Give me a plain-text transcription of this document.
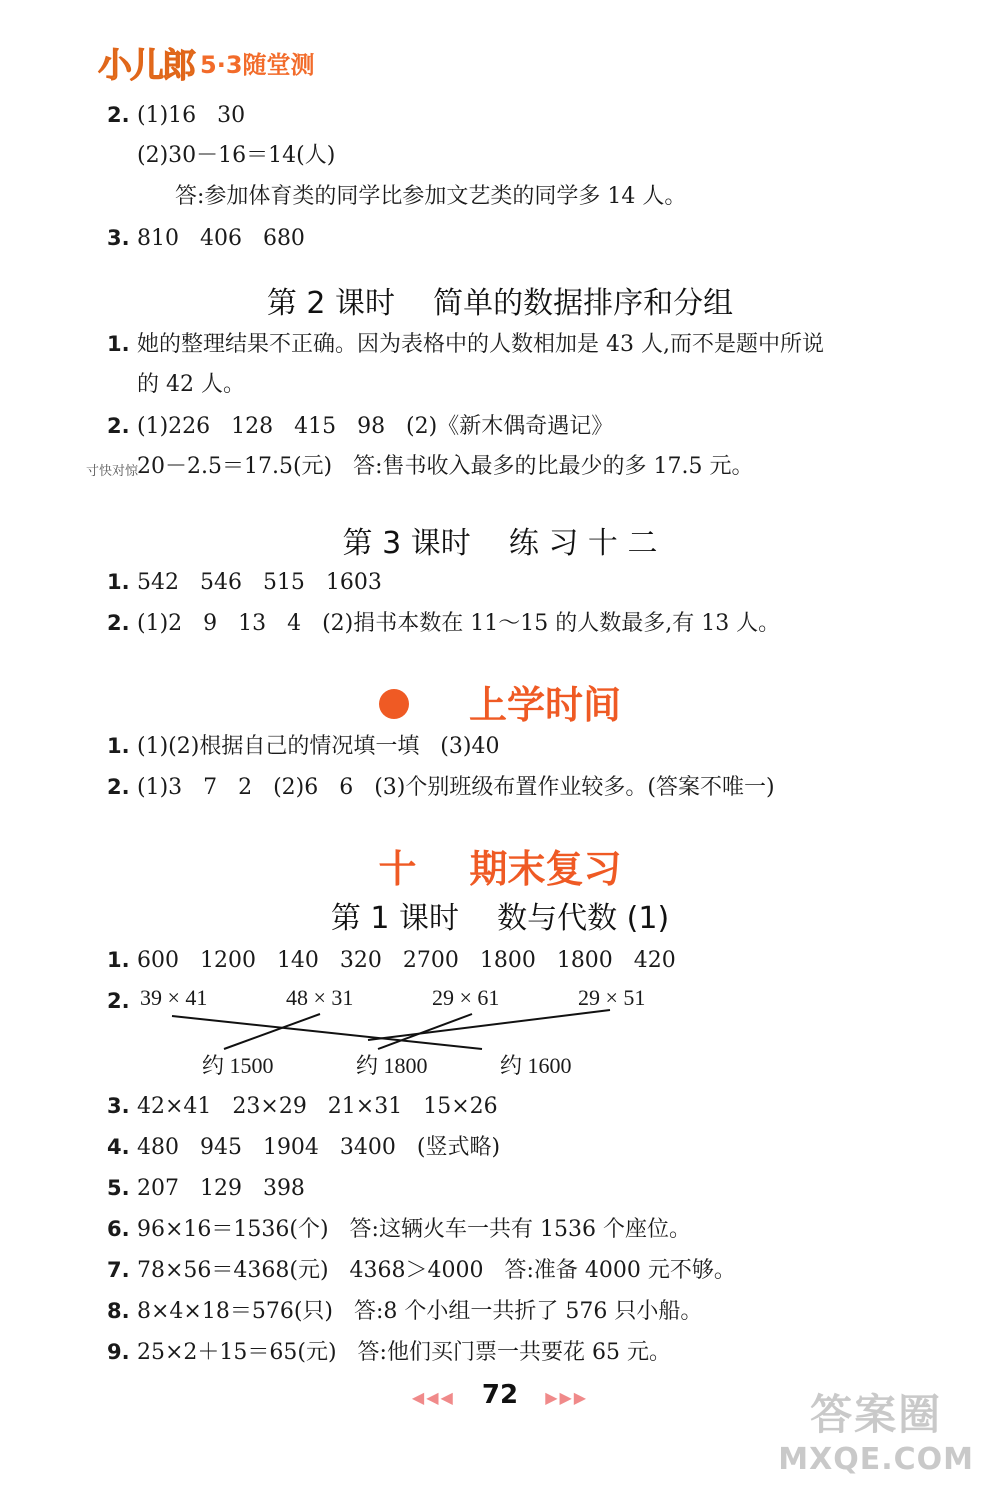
小儿郎 5·3随堂测
2. (1)16   30
(2)30－16＝14(人)
答:参加体育类的同学比参加文艺类的同学多 14 人。
3. 810   406   680
第 2 课时    简单的数据排序和分组
1. 她的整理结果不正确。因为表格中的人数相加是 43 人,而不是题中所说
的 42 人。
2. (1)226   128   415   98   (2)《新木偶奇遇记》
寸快对惊
20－2.5＝17.5(元)   答:售书收入最多的比最少的多 17.5 元。
第 3 课时    练 习 十 二
1. 542   546   515   1603
2. (1)2   9   13   4   (2)捐书本数在 11～15 的人数最多,有 13 人。
上学时间
1. (1)(2)根据自己的情况填一填   (3)40
2. (1)3   7   2   (2)6   6   (3)个别班级布置作业较多。(答案不唯一)
十    期末复习
第 1 课时    数与代数 (1)
1. 600   1200   140   320   2700   1800   1800   420
2. 39 × 41	48 × 31	29 × 61	29 × 51
约 1500	约 1800	约 1600
3. 42×41   23×29   21×31   15×26
4. 480   945   1904   3400   (竖式略)
5. 207   129   398
6. 96×16＝1536(个)   答:这辆火车一共有 1536 个座位。
7. 78×56＝4368(元)   4368＞4000   答:准备 4000 元不够。
8. 8×4×18＝576(只)   答:8 个小组一共折了 576 只小船。
9. 25×2＋15＝65(元)   答:他们买门票一共要花 65 元。
◀◀◀ 72 ▶▶▶	答案圈
MXQE.COM
